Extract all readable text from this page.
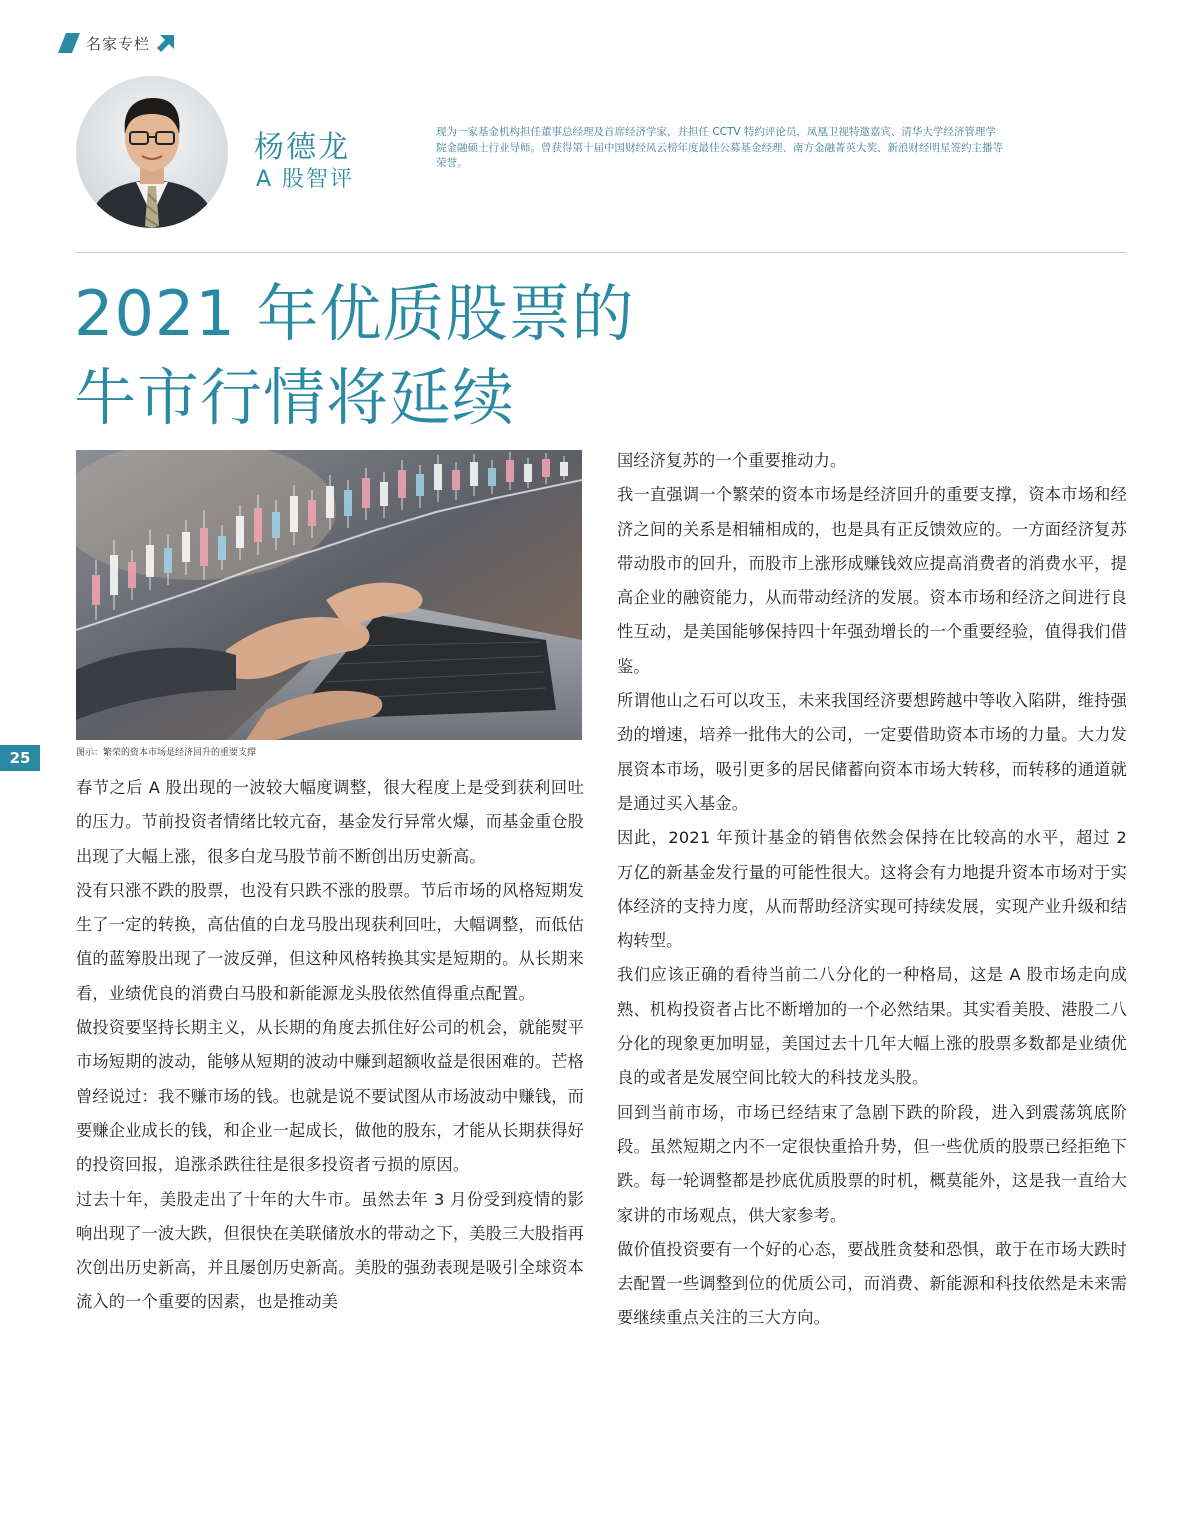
名家专栏
杨德龙
A 股智评
现为一家基金机构担任董事总经理及首席经济学家，并担任 CCTV 特约评论员，凤凰卫视特邀嘉宾、清华大学经济管理学院金融硕士行业导师。曾获得第十届中国财经风云榜年度最佳公募基金经理、南方金融菁英大奖、新浪财经明星签约主播等荣誉。
2021 年优质股票的
牛市行情将延续
图示：繁荣的资本市场是经济回升的重要支撑
25

春节之后 A 股出现的一波较大幅度调整，很大程度上是受到获利回吐的压力。节前投资者情绪比较亢奋，基金发行异常火爆，而基金重仓股出现了大幅上涨，很多白龙马股节前不断创出历史新高。

没有只涨不跌的股票，也没有只跌不涨的股票。节后市场的风格短期发生了一定的转换，高估值的白龙马股出现获利回吐，大幅调整，而低估值的蓝筹股出现了一波反弹，但这种风格转换其实是短期的。从长期来看，业绩优良的消费白马股和新能源龙头股依然值得重点配置。

做投资要坚持长期主义，从长期的角度去抓住好公司的机会，就能熨平市场短期的波动，能够从短期的波动中赚到超额收益是很困难的。芒格曾经说过：我不赚市场的钱。也就是说不要试图从市场波动中赚钱，而要赚企业成长的钱，和企业一起成长，做他的股东，才能从长期获得好的投资回报，追涨杀跌往往是很多投资者亏损的原因。

过去十年，美股走出了十年的大牛市。虽然去年 3 月份受到疫情的影响出现了一波大跌，但很快在美联储放水的带动之下，美股三大股指再次创出历史新高，并且屡创历史新高。美股的强劲表现是吸引全球资本流入的一个重要的因素，也是推动美

国经济复苏的一个重要推动力。

我一直强调一个繁荣的资本市场是经济回升的重要支撑，资本市场和经济之间的关系是相辅相成的，也是具有正反馈效应的。一方面经济复苏带动股市的回升，而股市上涨形成赚钱效应提高消费者的消费水平，提高企业的融资能力，从而带动经济的发展。资本市场和经济之间进行良性互动，是美国能够保持四十年强劲增长的一个重要经验，值得我们借鉴。

所谓他山之石可以攻玉，未来我国经济要想跨越中等收入陷阱，维持强劲的增速，培养一批伟大的公司，一定要借助资本市场的力量。大力发展资本市场，吸引更多的居民储蓄向资本市场大转移，而转移的通道就是通过买入基金。

因此，2021 年预计基金的销售依然会保持在比较高的水平，超过 2 万亿的新基金发行量的可能性很大。这将会有力地提升资本市场对于实体经济的支持力度，从而帮助经济实现可持续发展，实现产业升级和结构转型。

我们应该正确的看待当前二八分化的一种格局，这是 A 股市场走向成熟、机构投资者占比不断增加的一个必然结果。其实看美股、港股二八分化的现象更加明显，美国过去十几年大幅上涨的股票多数都是业绩优良的或者是发展空间比较大的科技龙头股。

回到当前市场，市场已经结束了急剧下跌的阶段，进入到震荡筑底阶段。虽然短期之内不一定很快重拾升势，但一些优质的股票已经拒绝下跌。每一轮调整都是抄底优质股票的时机，概莫能外，这是我一直给大家讲的市场观点，供大家参考。

做价值投资要有一个好的心态，要战胜贪婪和恐惧，敢于在市场大跌时去配置一些调整到位的优质公司，而消费、新能源和科技依然是未来需要继续重点关注的三大方向。
